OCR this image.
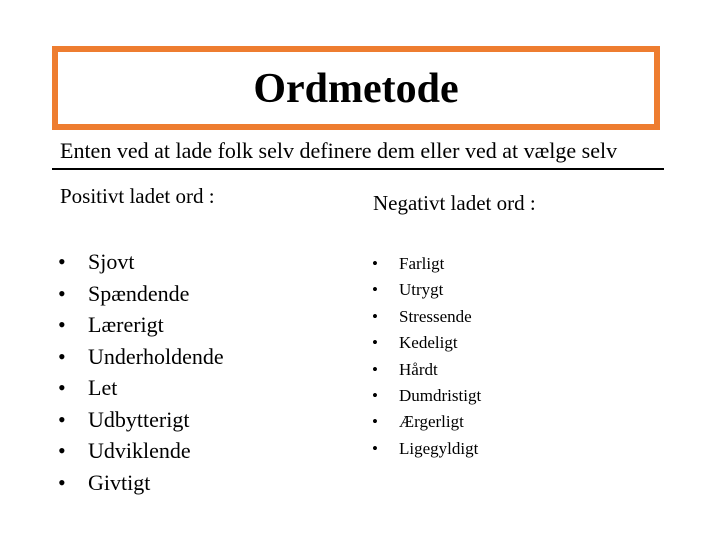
Ordmetode
Enten ved at lade folk selv definere dem eller ved at vælge selv
Positivt ladet ord :	Negativt ladet ord :
• Sjovt
• Spændende
• Lærerigt
• Underholdende
• Let
• Udbytterigt
• Udviklende
• Givtigt
• Farligt
• Utrygt
• Stressende
• Kedeligt
• Hårdt
• Dumdristigt
• Ærgerligt
• Ligegyldigt
